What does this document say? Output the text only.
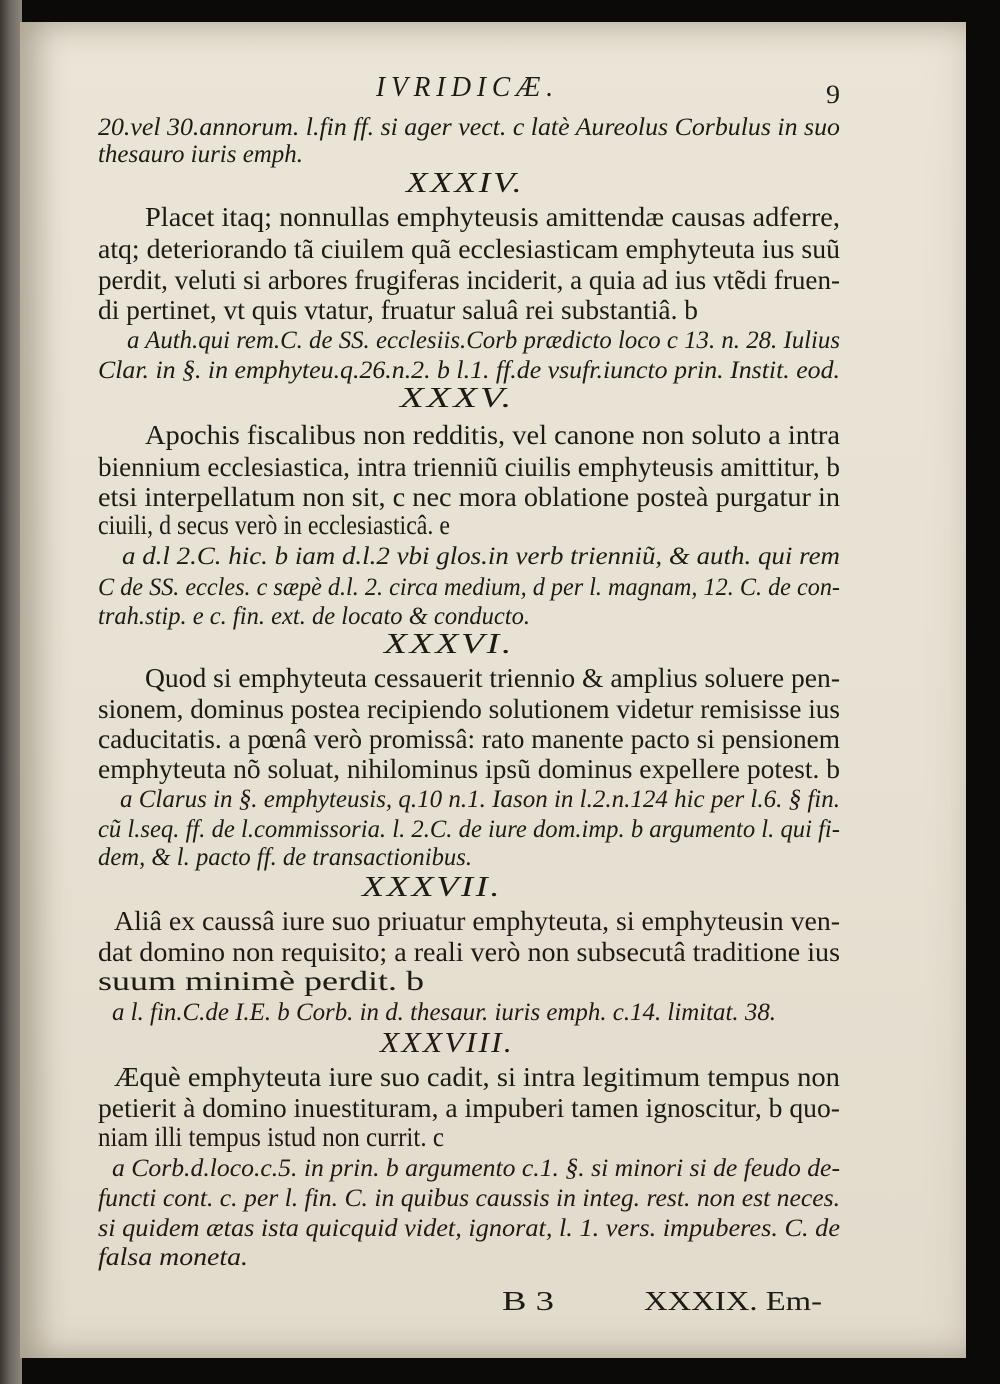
IVRIDICÆ.	9
20.vel 30.annorum. l.fin ff. si ager vect. c latè Aureolus Corbulus in suo
thesauro iuris emph.
XXXIV.
Placet itaq; nonnullas emphyteusis amittendæ causas adferre,
atq; deteriorando tã ciuilem quã ecclesiasticam emphyteuta ius suũ
perdit, veluti si arbores frugiferas inciderit, a quia ad ius vtẽdi fruen-
di pertinet, vt quis vtatur, fruatur saluâ rei substantiâ. b
a Auth.qui rem.C. de SS. ecclesiis.Corb prædicto loco c 13. n. 28. Iulius
Clar. in §. in emphyteu.q.26.n.2. b l.1. ff.de vsufr.iuncto prin. Instit. eod.
XXXV.
Apochis fiscalibus non redditis, vel canone non soluto a intra
biennium ecclesiastica, intra trienniũ ciuilis emphyteusis amittitur, b
etsi interpellatum non sit, c nec mora oblatione posteà purgatur in
ciuili, d secus verò in ecclesiasticâ. e
a d.l 2.C. hic. b iam d.l.2 vbi glos.in verb trienniũ, & auth. qui rem
C de SS. eccles. c sæpè d.l. 2. circa medium, d per l. magnam, 12. C. de con-
trah.stip. e c. fin. ext. de locato & conducto.
XXXVI.
Quod si emphyteuta cessauerit triennio & amplius soluere pen-
sionem, dominus postea recipiendo solutionem videtur remisisse ius
caducitatis. a pœnâ verò promissâ: rato manente pacto si pensionem
emphyteuta nõ soluat, nihilominus ipsũ dominus expellere potest. b
a Clarus in §. emphyteusis, q.10 n.1. Iason in l.2.n.124 hic per l.6. § fin.
cũ l.seq. ff. de l.commissoria. l. 2.C. de iure dom.imp. b argumento l. qui fi-
dem, & l. pacto ff. de transactionibus.
XXXVII.
Aliâ ex caussâ iure suo priuatur emphyteuta, si emphyteusin ven-
dat domino non requisito; a reali verò non subsecutâ traditione ius
suum minimè perdit. b
a l. fin.C.de I.E. b Corb. in d. thesaur. iuris emph. c.14. limitat. 38.
XXXVIII.
Æquè emphyteuta iure suo cadit, si intra legitimum tempus non
petierit à domino inuestituram, a impuberi tamen ignoscitur, b quo-
niam illi tempus istud non currit. c
a Corb.d.loco.c.5. in prin. b argumento c.1. §. si minori si de feudo de-
functi cont. c. per l. fin. C. in quibus caussis in integ. rest. non est neces.
si quidem ætas ista quicquid videt, ignorat, l. 1. vers. impuberes. C. de
falsa moneta.
B 3	XXXIX. Em-
